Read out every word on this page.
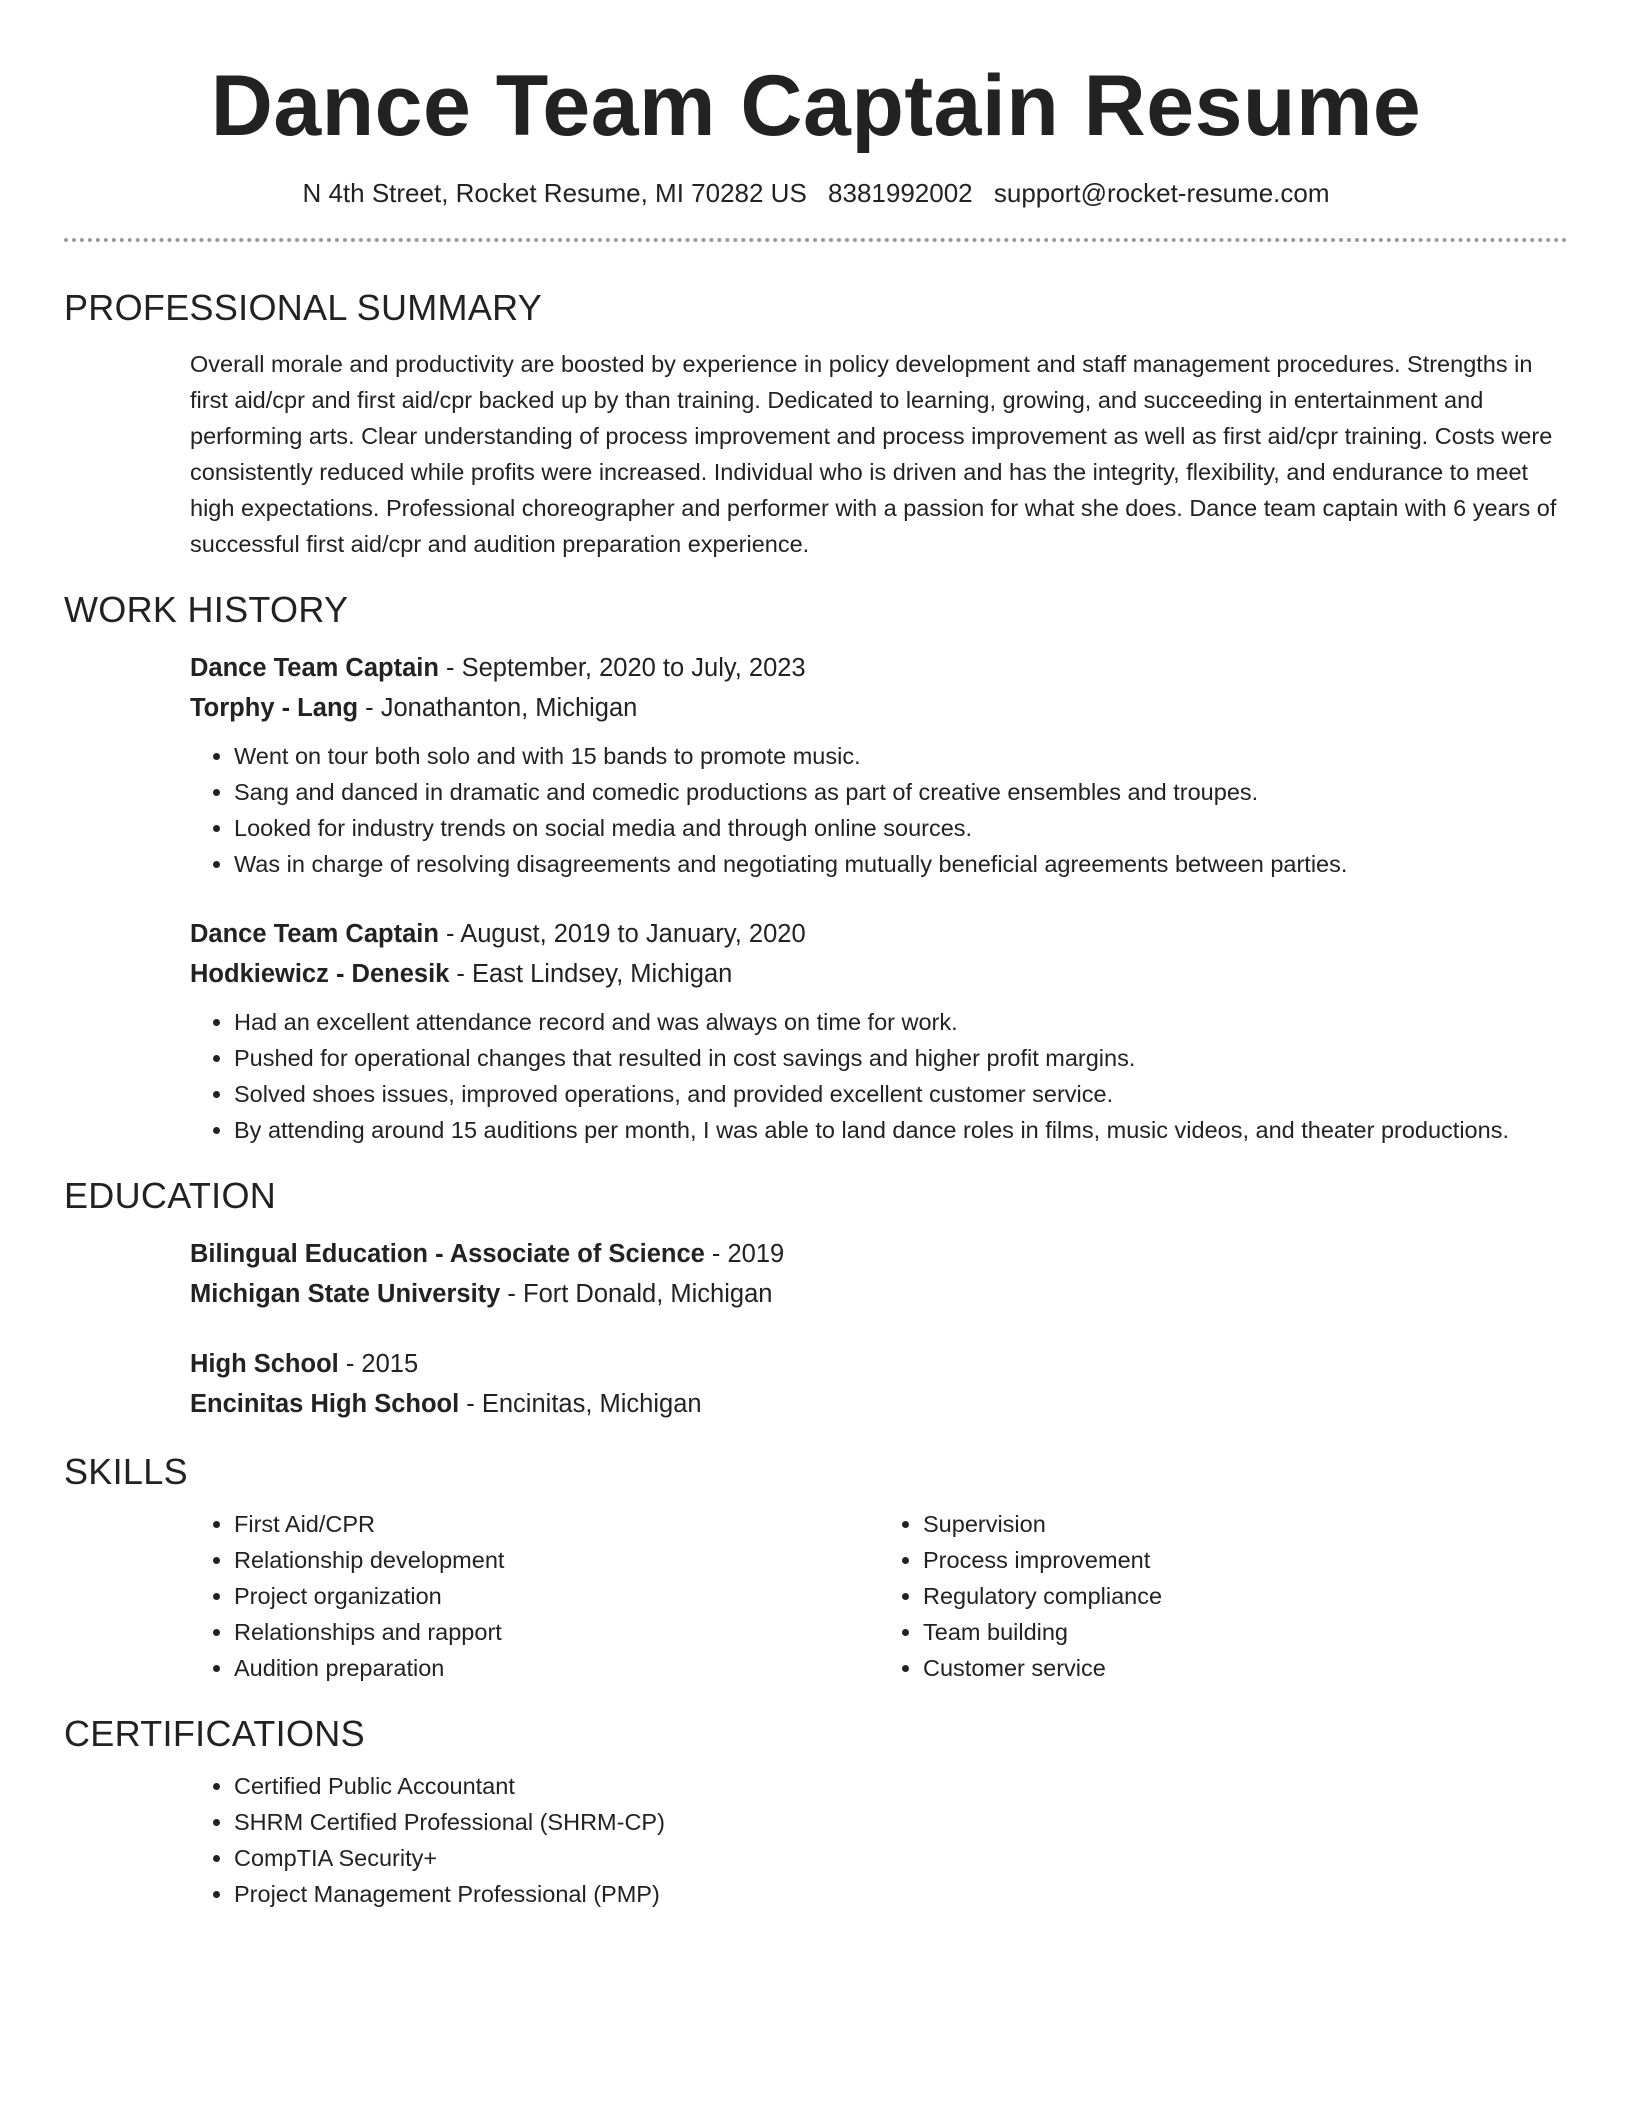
Dance Team Captain Resume
N 4th Street, Rocket Resume, MI 70282 US 8381992002 support@rocket-resume.com
PROFESSIONAL SUMMARY

Overall morale and productivity are boosted by experience in policy development and staff management procedures. Strengths in first aid/cpr and first aid/cpr backed up by than training. Dedicated to learning, growing, and succeeding in entertainment and performing arts. Clear understanding of process improvement and process improvement as well as first aid/cpr training. Costs were consistently reduced while profits were increased. Individual who is driven and has the integrity, flexibility, and endurance to meet high expectations. Professional choreographer and performer with a passion for what she does. Dance team captain with 6 years of successful first aid/cpr and audition preparation experience.

WORK HISTORY

Dance Team Captain - September, 2020 to July, 2023

Torphy - Lang - Jonathanton, Michigan

• Went on tour both solo and with 15 bands to promote music.
• Sang and danced in dramatic and comedic productions as part of creative ensembles and troupes.
• Looked for industry trends on social media and through online sources.
• Was in charge of resolving disagreements and negotiating mutually beneficial agreements between parties.

Dance Team Captain - August, 2019 to January, 2020

Hodkiewicz - Denesik - East Lindsey, Michigan

• Had an excellent attendance record and was always on time for work.
• Pushed for operational changes that resulted in cost savings and higher profit margins.
• Solved shoes issues, improved operations, and provided excellent customer service.
• By attending around 15 auditions per month, I was able to land dance roles in films, music videos, and theater productions.
EDUCATION

Bilingual Education - Associate of Science - 2019

Michigan State University - Fort Donald, Michigan

High School - 2015

Encinitas High School - Encinitas, Michigan

SKILLS
• First Aid/CPR
• Relationship development
• Project organization
• Relationships and rapport
• Audition preparation
• Supervision
• Process improvement
• Regulatory compliance
• Team building
• Customer service
CERTIFICATIONS
• Certified Public Accountant
• SHRM Certified Professional (SHRM-CP)
• CompTIA Security+
• Project Management Professional (PMP)
